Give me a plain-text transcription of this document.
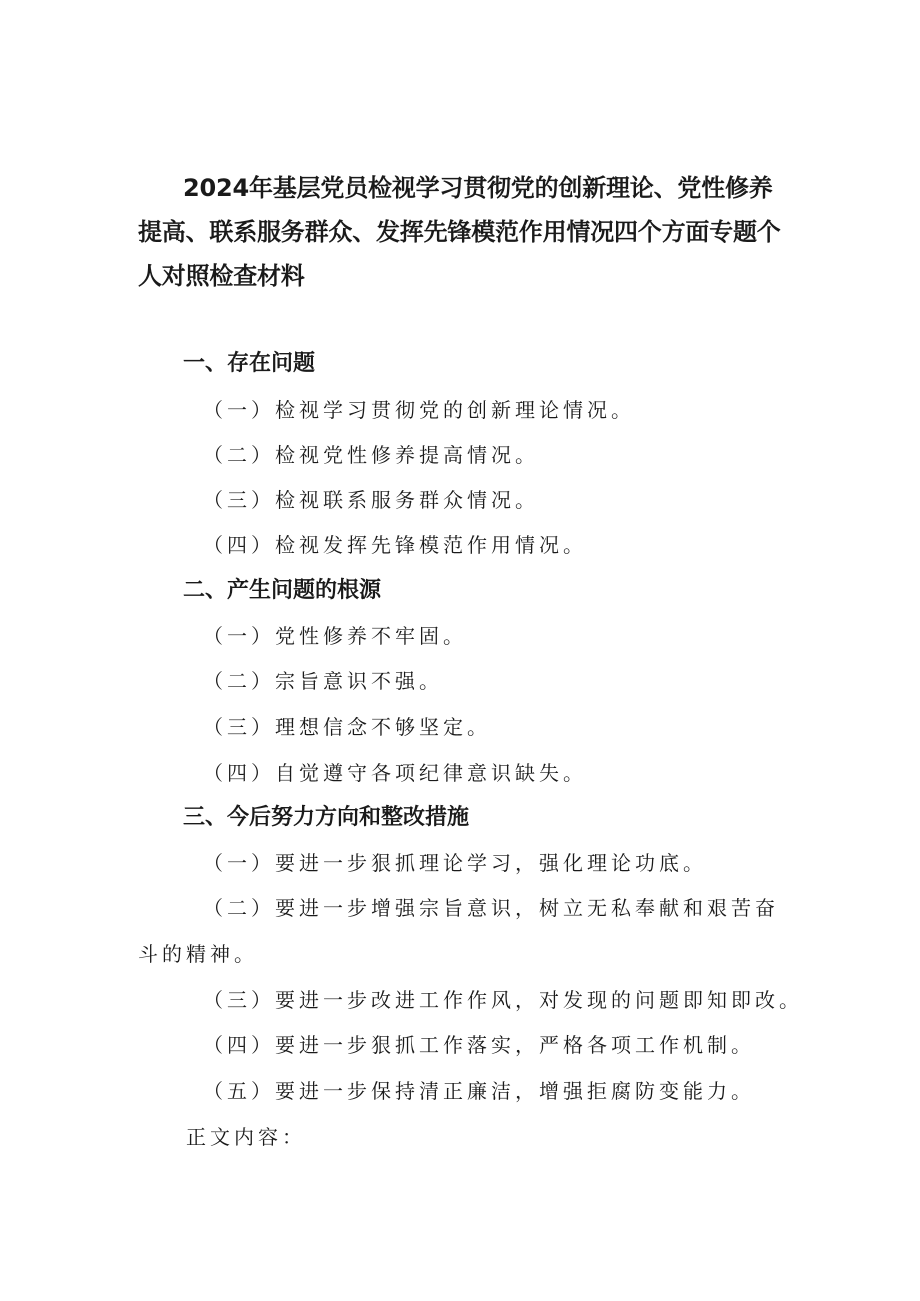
2024年基层党员检视学习贯彻党的创新理论、党性修养提高、联系服务群众、发挥先锋模范作用情况四个方面专题个人对照检查材料
一、存在问题

（一）检视学习贯彻党的创新理论情况。

（二）检视党性修养提高情况。

（三）检视联系服务群众情况。

（四）检视发挥先锋模范作用情况。

二、产生问题的根源

（一）党性修养不牢固。

（二）宗旨意识不强。

（三）理想信念不够坚定。

（四）自觉遵守各项纪律意识缺失。

三、今后努力方向和整改措施

（一）要进一步狠抓理论学习，强化理论功底。

（二）要进一步增强宗旨意识，树立无私奉献和艰苦奋斗的精神。

（三）要进一步改进工作作风，对发现的问题即知即改。

（四）要进一步狠抓工作落实，严格各项工作机制。

（五）要进一步保持清正廉洁，增强拒腐防变能力。

正文内容：
